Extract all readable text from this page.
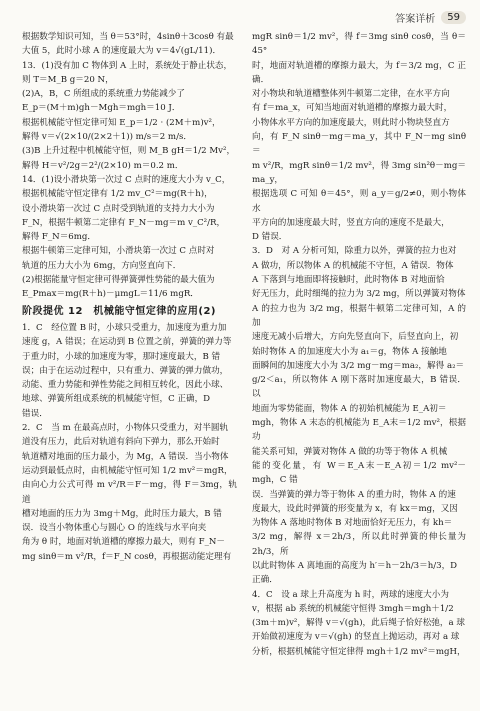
答案详析	59

根据数学知识可知，当 θ＝53°时，4sinθ＋3cosθ 有最

大值 5，此时小球 A 的速度最大为 v＝4√(gL/11)．

13．(1)没有加 C 物体到 A 上时，系统处于静止状态，

则 T＝M_B g＝20 N，

(2)A，B，C 所组成的系统重力势能减少了

E_p＝(M＋m)gh－Mgh＝mgh＝10 J．

根据机械能守恒定律可知 E_p＝1/2 · (2M＋m)v²，

解得 v＝√(2×10/(2×2＋1)) m/s＝2 m/s．

(3)B 上升过程中机械能守恒，则 M_B gH＝1/2 Mv²，

解得 H＝v²/2g＝2²/(2×10) m＝0.2 m．

14．(1)设小滑块第一次过 C 点时的速度大小为 v_C，

根据机械能守恒定律有 1/2 mv_C²＝mg(R＋h)，

设小滑块第一次过 C 点时受到轨道的支持力大小为

F_N，根据牛顿第二定律有 F_N－mg＝m v_C²/R，

解得 F_N＝6mg．

根据牛顿第三定律可知，小滑块第一次过 C 点时对

轨道的压力大小为 6mg，方向竖直向下．

(2)根据能量守恒定律可得弹簧弹性势能的最大值为

E_Pmax＝mg(R＋h)－μmgL＝11/6 mgR．

阶段提优 12　机械能守恒定律的应用(2)

1．C　经位置 B 时，小球只受重力，加速度为重力加

速度 g，A 错误；在运动到 B 位置之前，弹簧的弹力等

于重力时，小球的加速度为零，那时速度最大，B 错

误；由于在运动过程中，只有重力、弹簧的弹力做功，

动能、重力势能和弹性势能之间相互转化，因此小球、

地球、弹簧所组成系统的机械能守恒，C 正确，D

错误．

2．C　当 m 在最高点时，小物体只受重力，对半圆轨

道没有压力，此后对轨道有斜向下弹力，那么开始时

轨道槽对地面的压力最小，为 Mg，A 错误．当小物体

运动到最低点时，由机械能守恒可知 1/2 mv²＝mgR，

由向心力公式可得 m v²/R＝F－mg，得 F＝3mg，轨道

槽对地面的压力为 3mg＋Mg，此时压力最大，B 错

误．设当小物体重心与圆心 O 的连线与水平向夹

角为 θ 时，地面对轨道槽的摩擦力最大，则有 F_N－

mg sinθ＝m v²/R，f＝F_N cosθ，再根据动能定理有

mgR sinθ＝1/2 mv²，得 f＝3mg sinθ cosθ，当 θ＝45°

时，地面对轨道槽的摩擦力最大，为 f＝3/2 mg，C 正确．

对小物块和轨道槽整体列牛顿第二定律，在水平方向

有 f＝ma_x，可知当地面对轨道槽的摩擦力最大时，

小物体水平方向的加速度最大，则此时小物块竖直方

向，有 F_N sinθ－mg＝ma_y，其中 F_N－mg sinθ＝

m v²/R，mgR sinθ＝1/2 mv²，得 3mg sin²θ－mg＝ma_y，

根据选项 C 可知 θ＝45°，则 a_y＝g/2≠0，则小物体水

平方向的加速度最大时，竖直方向的速度不是最大，

D 错误．

3．D　对 A 分析可知，除重力以外，弹簧的拉力也对

A 做功，所以物体 A 的机械能不守恒，A 错误．物体

A 下落到与地面即将接触时，此时物体 B 对地面恰

好无压力，此时细绳的拉力为 3/2 mg，所以弹簧对物体

A 的拉力也为 3/2 mg，根据牛顿第二定律可知，A 的加

速度无减小后增大，方向先竖直向下，后竖直向上，初

始时物体 A 的加速度大小为 a₁＝g，物体 A 接触地

面瞬间的加速度大小为 3/2 mg－mg＝ma₂，解得 a₂＝

g/2＜a₁，所以物体 A 刚下落时加速度最大，B 错误．以

地面为零势能面，物体 A 的初始机械能为 E_A初＝

mgh，物体 A 末态的机械能为 E_A末＝1/2 mv²，根据功

能关系可知，弹簧对物体 A 做的功等于物体 A 机械

能的变化量，有 W＝E_A末－E_A初＝1/2 mv²－mgh，C 错

误．当弹簧的弹力等于物体 A 的重力时，物体 A 的速

度最大，设此时弹簧的形变量为 x，有 kx＝mg，又因

为物体 A 落地时物体 B 对地面恰好无压力，有 kh＝

3/2 mg，解得 x＝2h/3，所以此时弹簧的伸长量为 2h/3，所

以此时物体 A 离地面的高度为 h′＝h－2h/3＝h/3，D

正确．

4．C　设 a 球上升高度为 h 时，两球的速度大小为

v，根据 ab 系统的机械能守恒得 3mgh＝mgh＋1/2

(3m＋m)v²，解得 v＝√(gh)，此后绳子恰好松弛，a 球

开始做初速度为 v＝√(gh) 的竖直上抛运动，再对 a 球

分析，根据机械能守恒定律得 mgh＋1/2 mv²＝mgH，
